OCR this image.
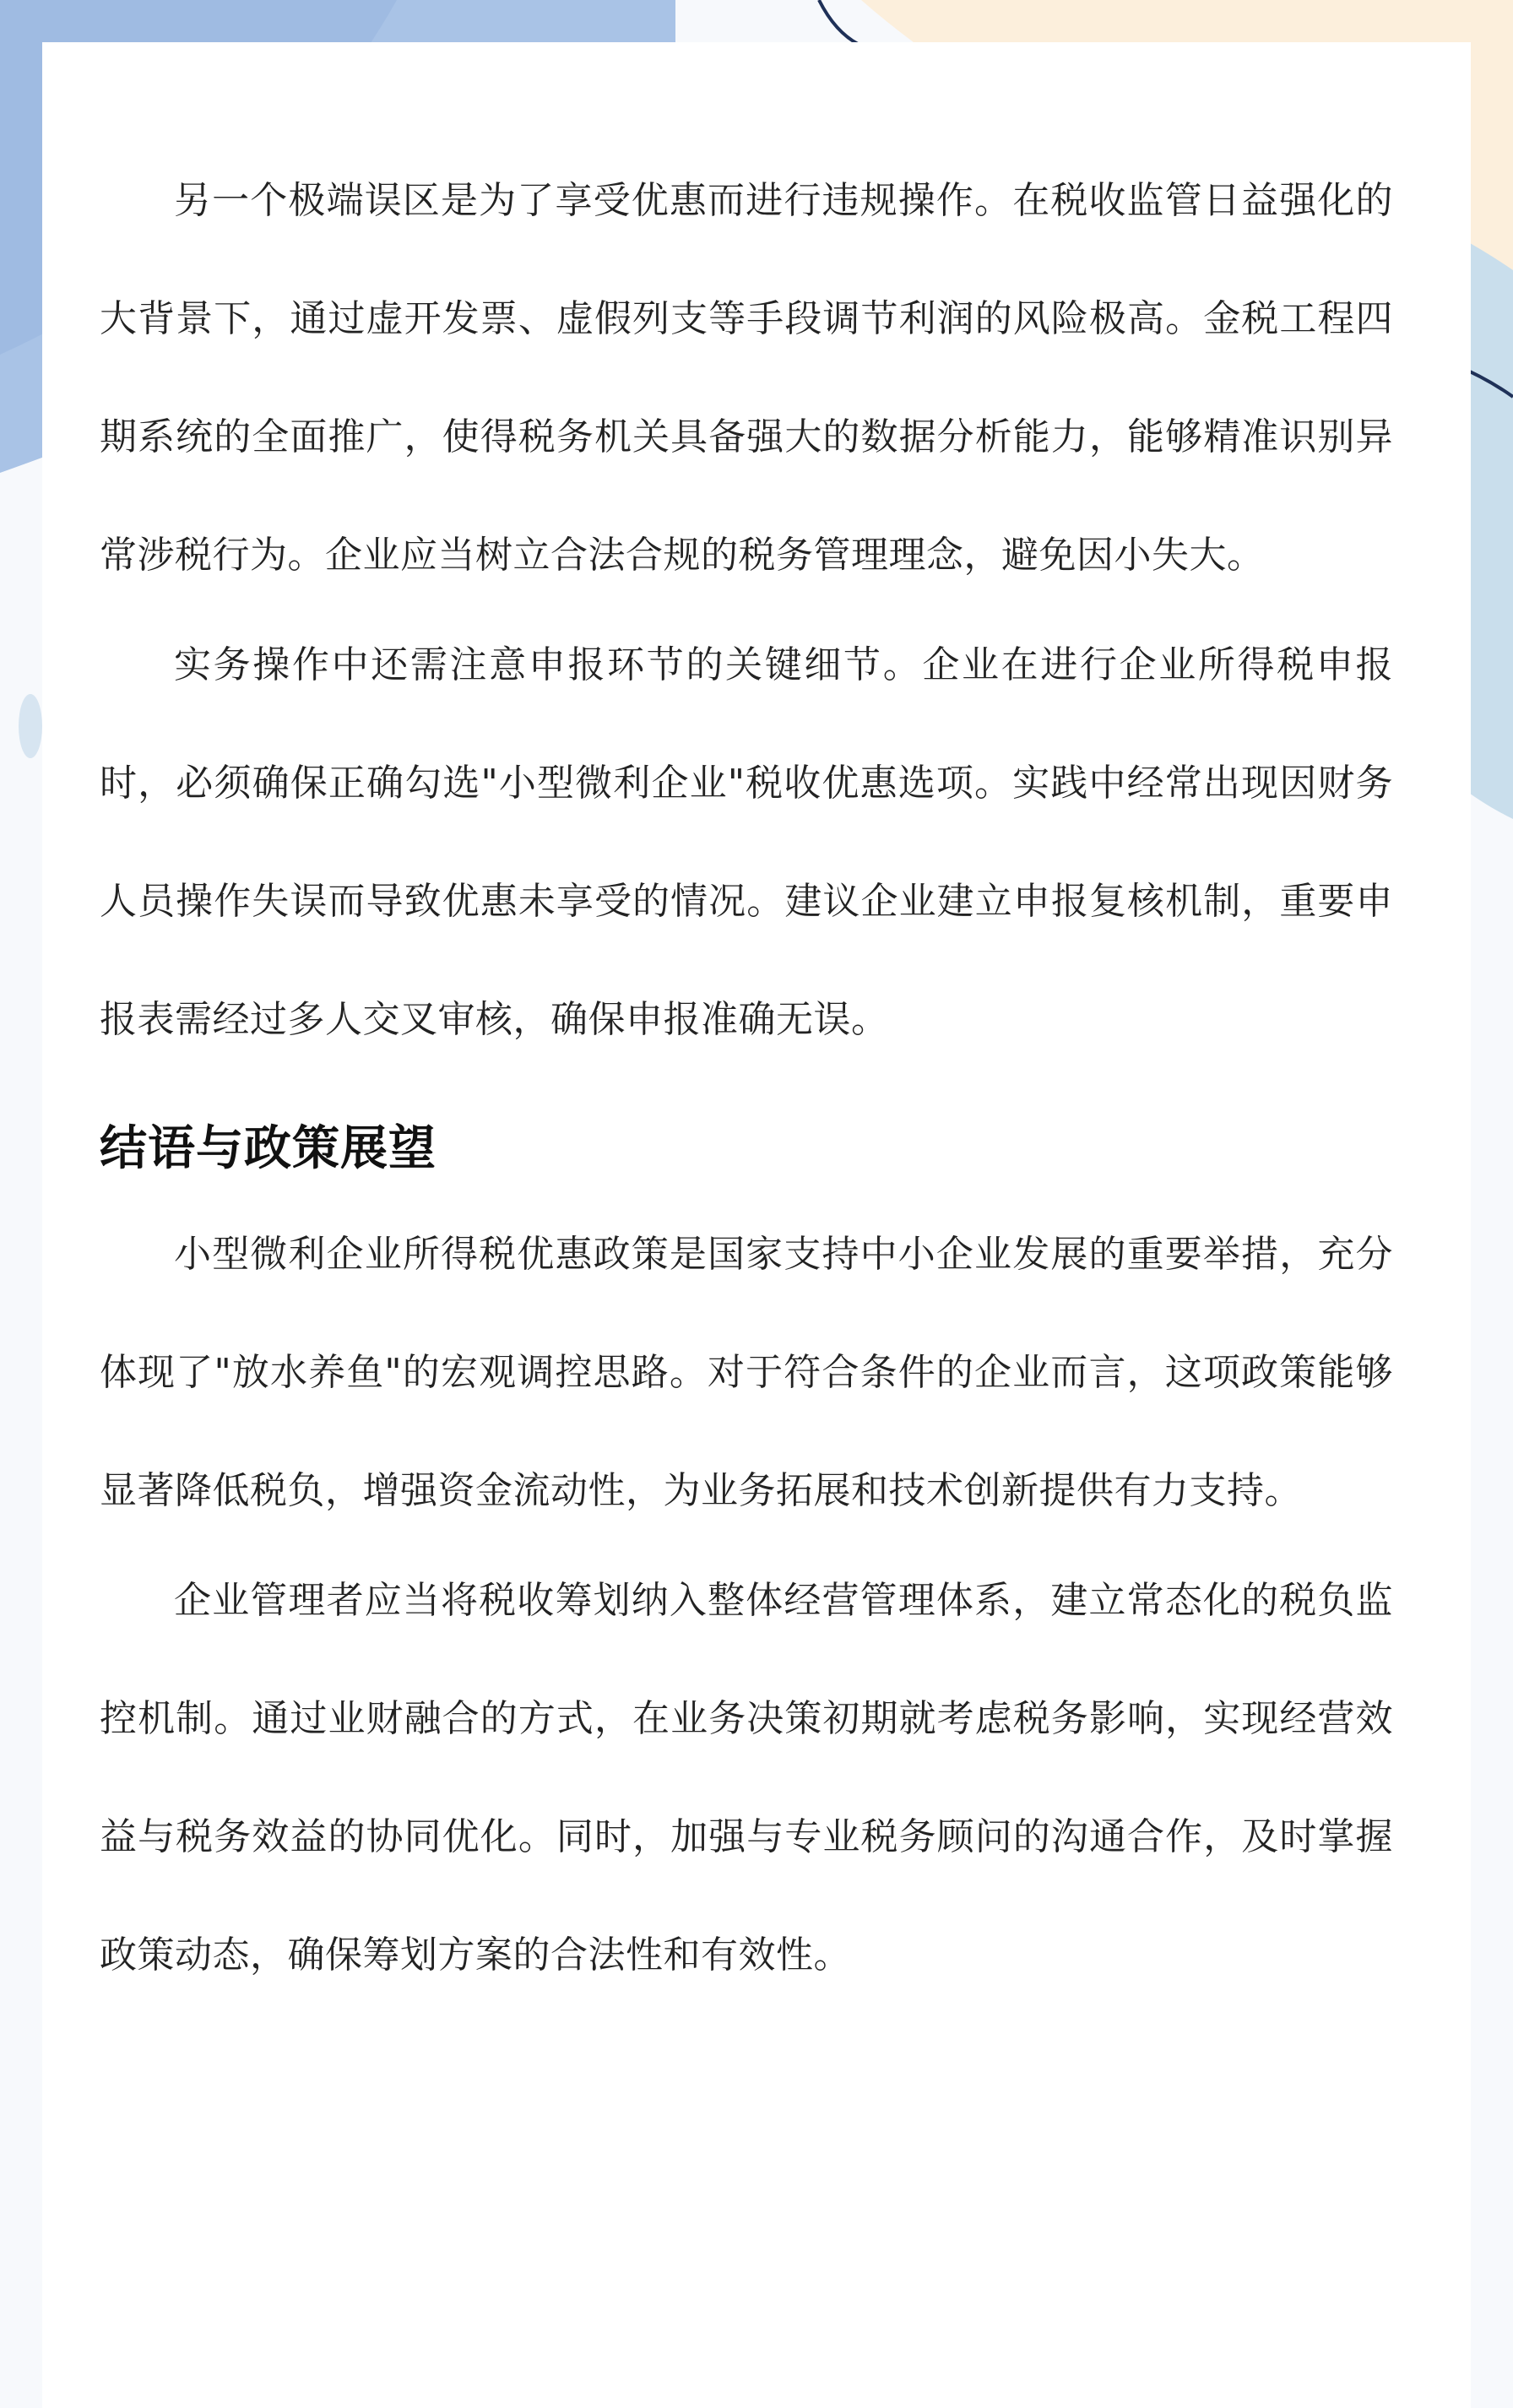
另一个极端误区是为了享受优惠而进行违规操作。在税收监管日益强化的大背景下，通过虚开发票、虚假列支等手段调节利润的风险极高。金税工程四期系统的全面推广，使得税务机关具备强大的数据分析能力，能够精准识别异常涉税行为。企业应当树立合法合规的税务管理理念，避免因小失大。

实务操作中还需注意申报环节的关键细节。企业在进行企业所得税申报时，必须确保正确勾选"小型微利企业"税收优惠选项。实践中经常出现因财务人员操作失误而导致优惠未享受的情况。建议企业建立申报复核机制，重要申报表需经过多人交叉审核，确保申报准确无误。

结语与政策展望

小型微利企业所得税优惠政策是国家支持中小企业发展的重要举措，充分体现了"放水养鱼"的宏观调控思路。对于符合条件的企业而言，这项政策能够显著降低税负，增强资金流动性，为业务拓展和技术创新提供有力支持。

企业管理者应当将税收筹划纳入整体经营管理体系，建立常态化的税负监控机制。通过业财融合的方式，在业务决策初期就考虑税务影响，实现经营效益与税务效益的协同优化。同时，加强与专业税务顾问的沟通合作，及时掌握政策动态，确保筹划方案的合法性和有效性。
